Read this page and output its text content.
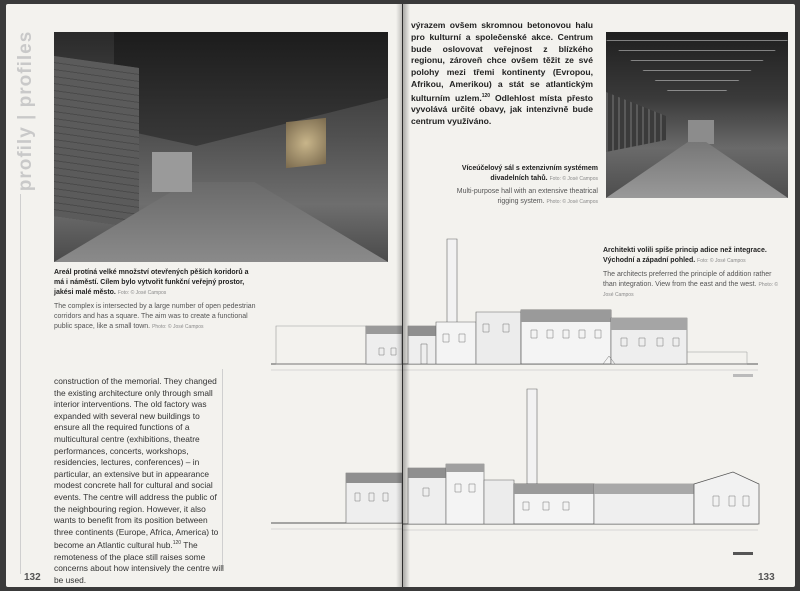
profily | profiles
Areál protíná velké množství otevřených pěších koridorů a má i náměstí. Cílem bylo vytvořit funkční veřejný prostor, jakési malé město. Foto: © José Campos
The complex is intersected by a large number of open pedestrian corridors and has a square. The aim was to create a functional public space, like a small town. Photo: © José Campos
construction of the memorial. They changed the existing architecture only through small interior interventions. The old factory was expanded with several new buildings to ensure all the required functions of a multicultural centre (exhibitions, theatre performances, concerts, workshops, residencies, lectures, conferences) – in particular, an extensive but in appearance modest concrete hall for cultural and social events. The centre will address the public of the neighbouring region. However, it also wants to benefit from its position between three continents (Europe, Africa, America) to become an Atlantic cultural hub.$^{120}$ The remoteness of the place still raises some concerns about how intensively the centre will be used.
132
výrazem ovšem skromnou betonovou halu pro kulturní a společenské akce. Centrum bude oslovovat veřejnost z blízkého regionu, zároveň chce ovšem těžit ze své polohy mezi třemi kontinenty (Evropou, Afrikou, Amerikou) a stát se atlantickým kulturním uzlem.$^{120}$ Odlehlost místa přesto vyvolává určité obavy, jak intenzivně bude centrum využíváno.
Víceúčelový sál s extenzivním systémem divadelních tahů. Foto: © José Campos
Multi-purpose hall with an extensive theatrical rigging system. Photo: © José Campos
Architekti volili spíše princip adice než integrace. Východní a západní pohled. Foto: © José Campos
The architects preferred the principle of addition rather than integration. View from the east and the west. Photo: © José Campos
133
